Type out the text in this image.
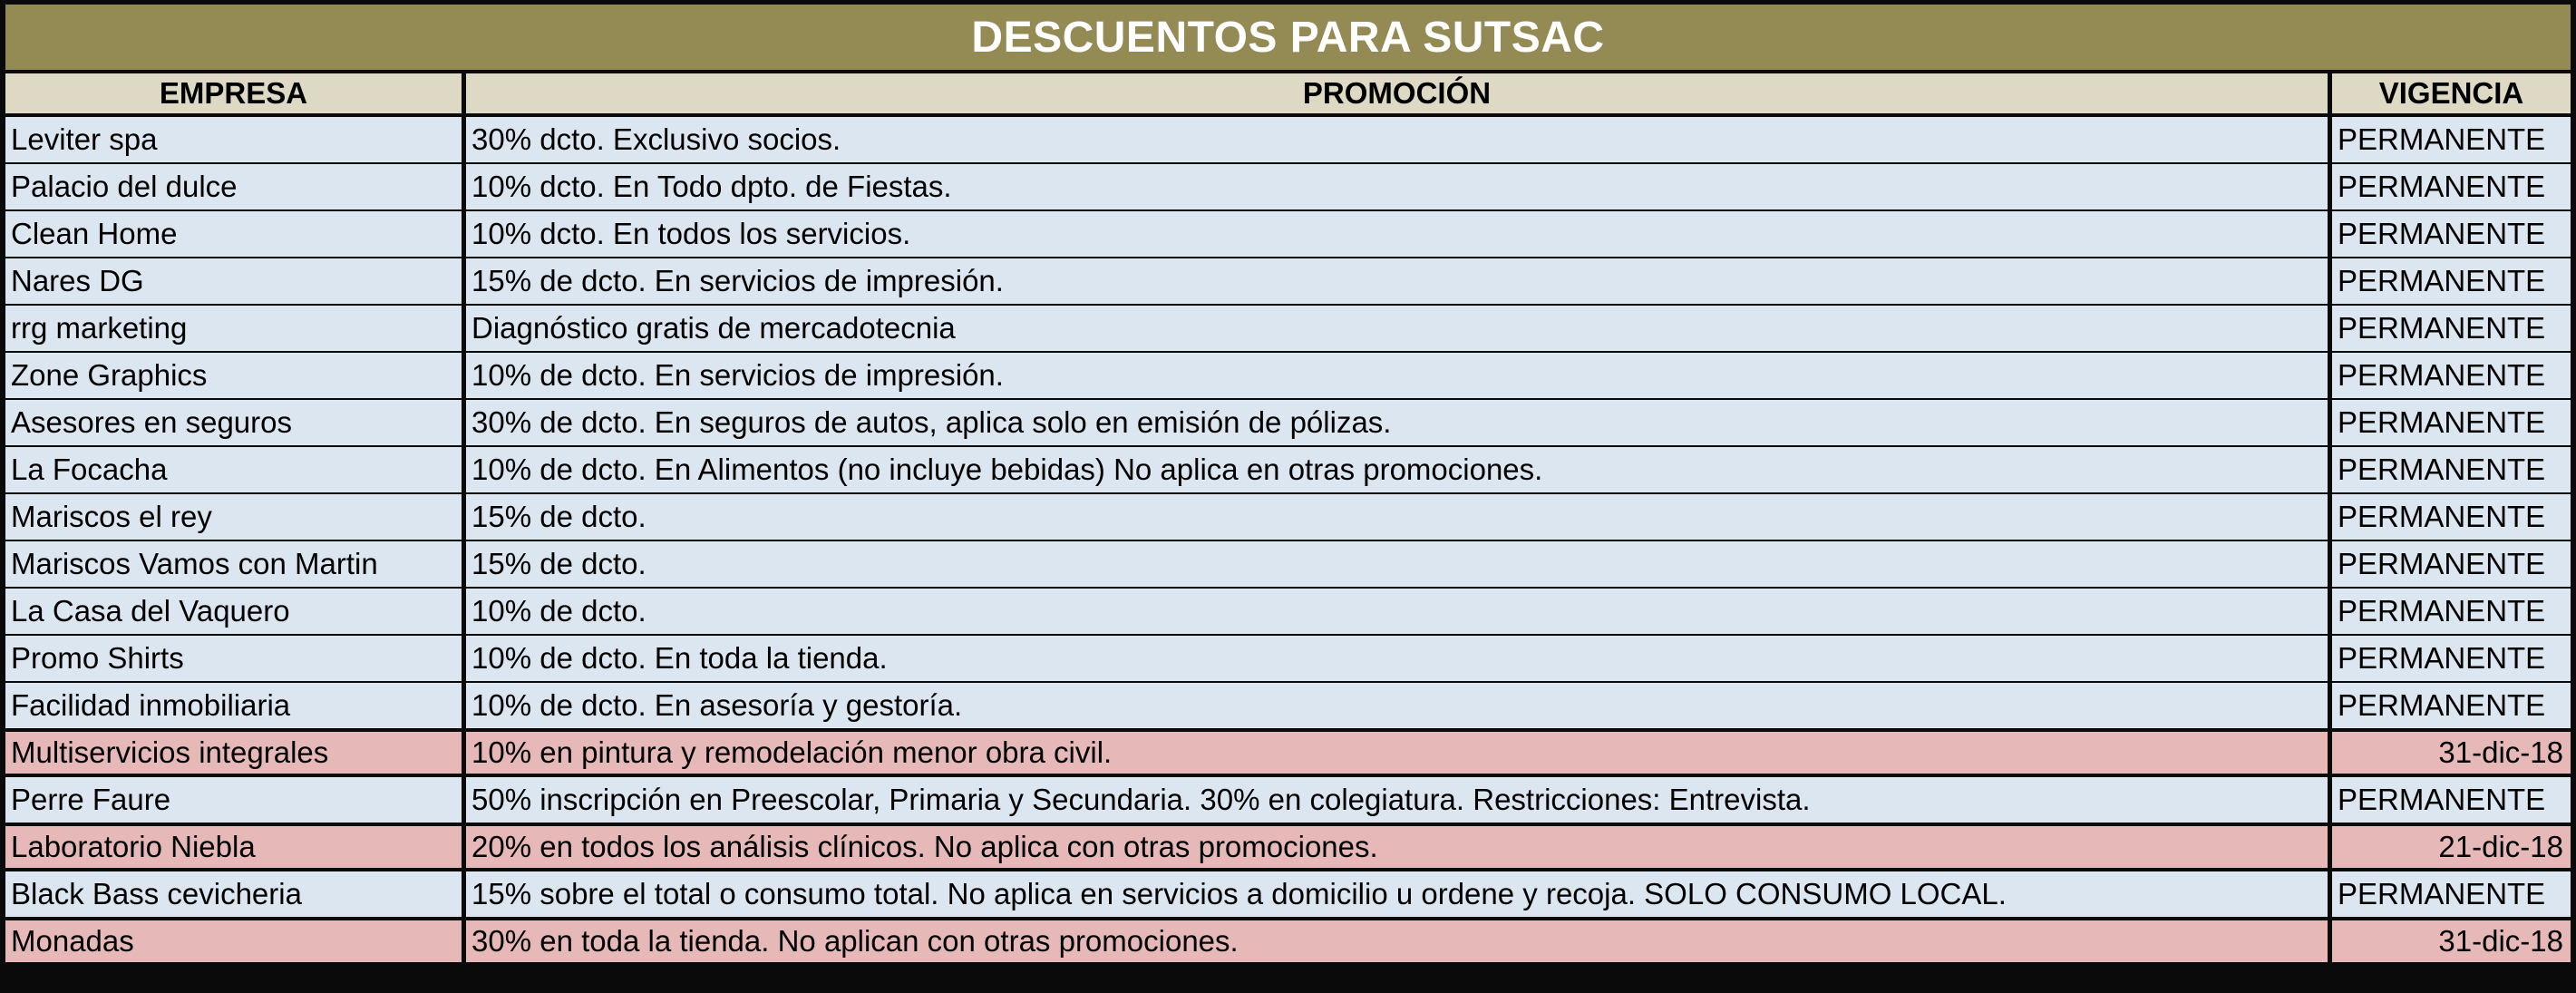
DESCUENTOS PARA SUTSAC
EMPRESA	PROMOCIÓN	VIGENCIA
Leviter spa	30% dcto. Exclusivo socios.	PERMANENTE
Palacio del dulce	10% dcto. En Todo dpto. de Fiestas.	PERMANENTE
Clean Home	10% dcto. En todos los servicios.	PERMANENTE
Nares DG	15% de dcto. En servicios de impresión.	PERMANENTE
rrg marketing	Diagnóstico gratis de mercadotecnia	PERMANENTE
Zone Graphics	10% de dcto. En servicios de impresión.	PERMANENTE
Asesores en seguros	30% de dcto. En seguros de autos, aplica solo en emisión de pólizas.	PERMANENTE
La Focacha	10% de dcto. En Alimentos (no incluye bebidas) No aplica en otras promociones.	PERMANENTE
Mariscos el rey	15% de dcto.	PERMANENTE
Mariscos Vamos con Martin	15% de dcto.	PERMANENTE
La Casa del Vaquero	10% de dcto.	PERMANENTE
Promo Shirts	10% de dcto. En toda la tienda.	PERMANENTE
Facilidad inmobiliaria	10% de dcto. En asesoría y gestoría.	PERMANENTE
Multiservicios integrales	10% en pintura y remodelación menor obra civil.	31-dic-18
Perre Faure	50% inscripción en Preescolar, Primaria y Secundaria. 30% en colegiatura. Restricciones: Entrevista.	PERMANENTE
Laboratorio Niebla	20% en todos los análisis clínicos. No aplica con otras promociones.	21-dic-18
Black Bass cevicheria	15% sobre el total o consumo total. No aplica en servicios a domicilio u ordene y recoja. SOLO CONSUMO LOCAL.	PERMANENTE
Monadas	30% en toda la tienda. No aplican con otras promociones.	31-dic-18
